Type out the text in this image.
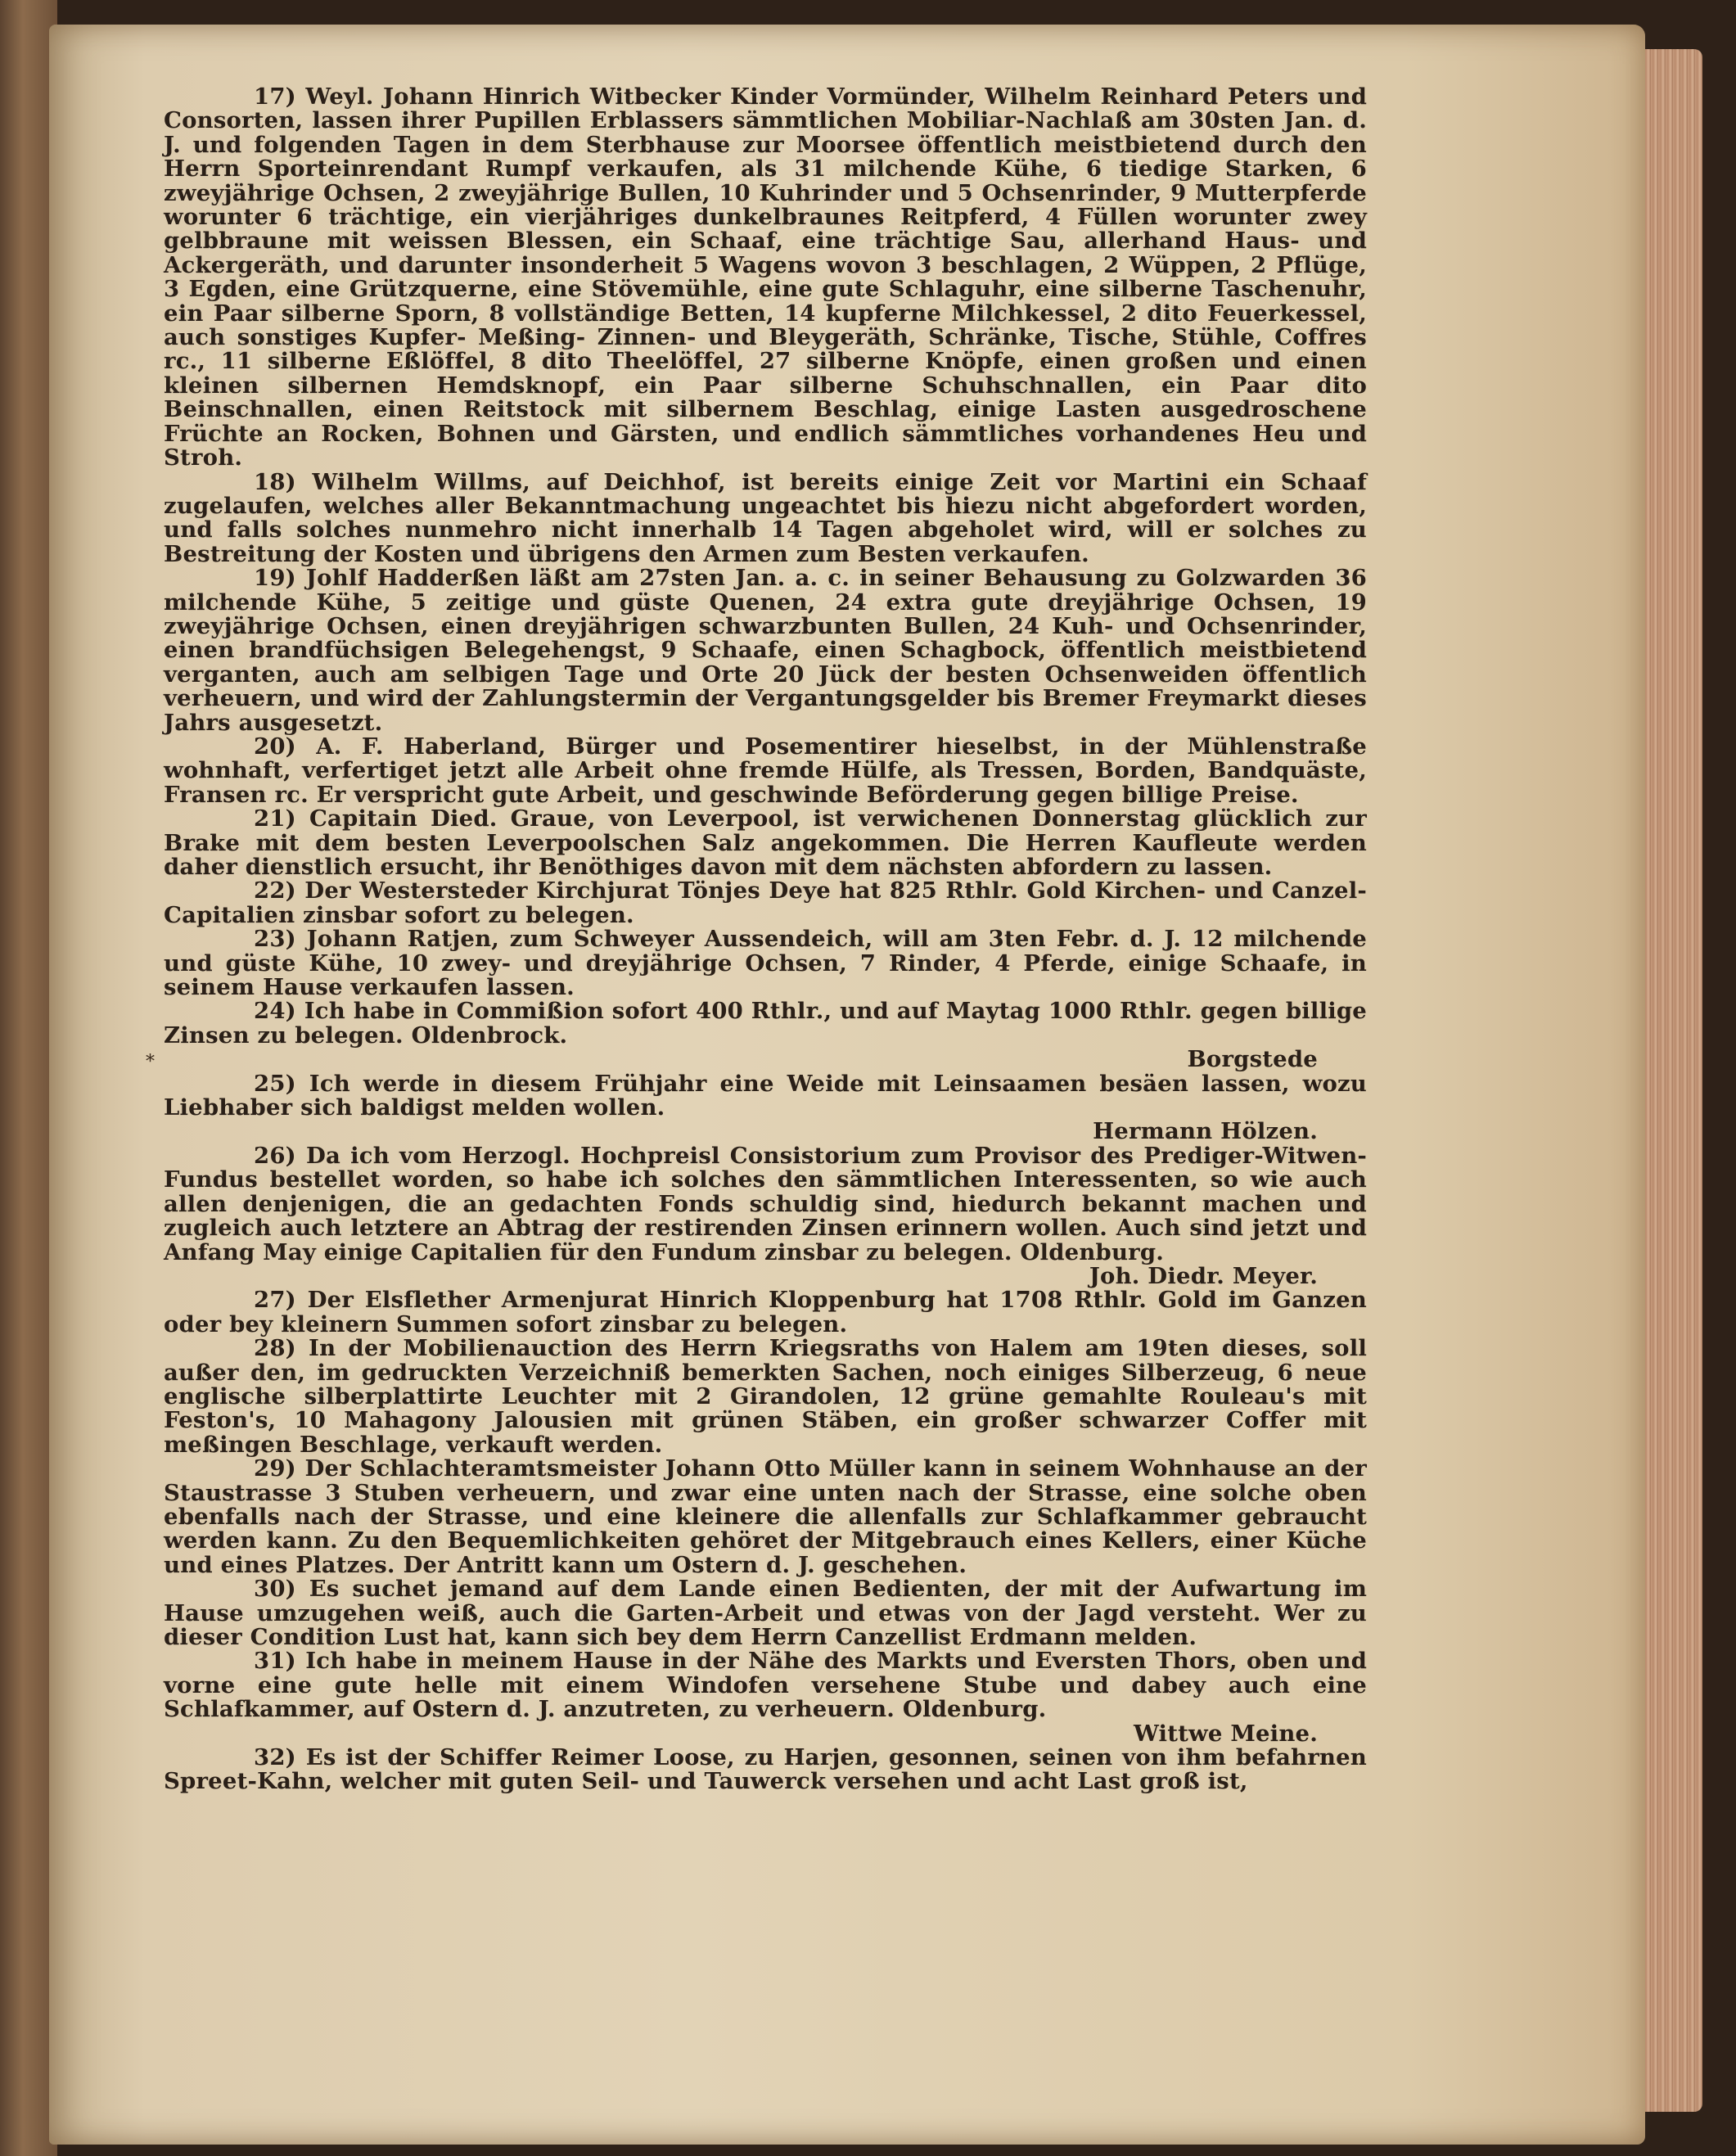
*

17) Weyl. Johann Hinrich Witbecker Kinder Vormünder, Wilhelm Reinhard Peters und Consorten, lassen ihrer Pupillen Erblassers sämmtlichen Mobiliar-Nachlaß am 30sten Jan. d. J. und folgenden Tagen in dem Sterbhause zur Moorsee öffentlich meistbietend durch den Herrn Sporteinrendant Rumpf verkaufen, als 31 milchende Kühe, 6 tiedige Starken, 6 zweyjährige Ochsen, 2 zweyjährige Bullen, 10 Kuhrinder und 5 Ochsenrinder, 9 Mutterpferde worunter 6 trächtige, ein vierjähriges dunkelbraunes Reitpferd, 4 Füllen worunter zwey gelbbraune mit weissen Blessen, ein Schaaf, eine trächtige Sau, allerhand Haus- und Ackergeräth, und darunter insonderheit 5 Wagens wovon 3 beschlagen, 2 Wüppen, 2 Pflüge, 3 Egden, eine Grützquerne, eine Stövemühle, eine gute Schlaguhr, eine silberne Taschenuhr, ein Paar silberne Sporn, 8 vollständige Betten, 14 kupferne Milchkessel, 2 dito Feuerkessel, auch sonstiges Kupfer- Meßing- Zinnen- und Bleygeräth, Schränke, Tische, Stühle, Coffres rc., 11 silberne Eßlöffel, 8 dito Theelöffel, 27 silberne Knöpfe, einen großen und einen kleinen silbernen Hemdsknopf, ein Paar silberne Schuhschnallen, ein Paar dito Beinschnallen, einen Reitstock mit silbernem Beschlag, einige Lasten ausgedroschene Früchte an Rocken, Bohnen und Gärsten, und endlich sämmtliches vorhandenes Heu und Stroh.

18) Wilhelm Willms, auf Deichhof, ist bereits einige Zeit vor Martini ein Schaaf zugelaufen, welches aller Bekanntmachung ungeachtet bis hiezu nicht abgefordert worden, und falls solches nunmehro nicht innerhalb 14 Tagen abgeholet wird, will er solches zu Bestreitung der Kosten und übrigens den Armen zum Besten verkaufen.

19) Johlf Hadderßen läßt am 27sten Jan. a. c. in seiner Behausung zu Golzwarden 36 milchende Kühe, 5 zeitige und güste Quenen, 24 extra gute dreyjährige Ochsen, 19 zweyjährige Ochsen, einen dreyjährigen schwarzbunten Bullen, 24 Kuh- und Ochsenrinder, einen brandfüchsigen Belegehengst, 9 Schaafe, einen Schagbock, öffentlich meistbietend verganten, auch am selbigen Tage und Orte 20 Jück der besten Ochsenweiden öffentlich verheuern, und wird der Zahlungstermin der Vergantungsgelder bis Bremer Freymarkt dieses Jahrs ausgesetzt.

20) A. F. Haberland, Bürger und Posementirer hieselbst, in der Mühlenstraße wohnhaft, verfertiget jetzt alle Arbeit ohne fremde Hülfe, als Tressen, Borden, Bandquäste, Fransen rc. Er verspricht gute Arbeit, und geschwinde Beförderung gegen billige Preise.

21) Capitain Died. Graue, von Leverpool, ist verwichenen Donnerstag glücklich zur Brake mit dem besten Leverpoolschen Salz angekommen. Die Herren Kaufleute werden daher dienstlich ersucht, ihr Benöthiges davon mit dem nächsten abfordern zu lassen.

22) Der Westersteder Kirchjurat Tönjes Deye hat 825 Rthlr. Gold Kirchen- und Canzel-Capitalien zinsbar sofort zu belegen.

23) Johann Ratjen, zum Schweyer Aussendeich, will am 3ten Febr. d. J. 12 milchende und güste Kühe, 10 zwey- und dreyjährige Ochsen, 7 Rinder, 4 Pferde, einige Schaafe, in seinem Hause verkaufen lassen.

24) Ich habe in Commißion sofort 400 Rthlr., und auf Maytag 1000 Rthlr. gegen billige Zinsen zu belegen. Oldenbrock.
Borgstede

25) Ich werde in diesem Frühjahr eine Weide mit Leinsaamen besäen lassen, wozu Liebhaber sich baldigst melden wollen.
Hermann Hölzen.

26) Da ich vom Herzogl. Hochpreisl Consistorium zum Provisor des Prediger-Witwen-Fundus bestellet worden, so habe ich solches den sämmtlichen Interessenten, so wie auch allen denjenigen, die an gedachten Fonds schuldig sind, hiedurch bekannt machen und zugleich auch letztere an Abtrag der restirenden Zinsen erinnern wollen. Auch sind jetzt und Anfang May einige Capitalien für den Fundum zinsbar zu belegen. Oldenburg.
Joh. Diedr. Meyer.

27) Der Elsflether Armenjurat Hinrich Kloppenburg hat 1708 Rthlr. Gold im Ganzen oder bey kleinern Summen sofort zinsbar zu belegen.

28) In der Mobilienauction des Herrn Kriegsraths von Halem am 19ten dieses, soll außer den, im gedruckten Verzeichniß bemerkten Sachen, noch einiges Silberzeug, 6 neue englische silberplattirte Leuchter mit 2 Girandolen, 12 grüne gemahlte Rouleau's mit Feston's, 10 Mahagony Jalousien mit grünen Stäben, ein großer schwarzer Coffer mit meßingen Beschlage, verkauft werden.

29) Der Schlachteramtsmeister Johann Otto Müller kann in seinem Wohnhause an der Staustrasse 3 Stuben verheuern, und zwar eine unten nach der Strasse, eine solche oben ebenfalls nach der Strasse, und eine kleinere die allenfalls zur Schlafkammer gebraucht werden kann. Zu den Bequemlichkeiten gehöret der Mitgebrauch eines Kellers, einer Küche und eines Platzes. Der Antritt kann um Ostern d. J. geschehen.

30) Es suchet jemand auf dem Lande einen Bedienten, der mit der Aufwartung im Hause umzugehen weiß, auch die Garten-Arbeit und etwas von der Jagd versteht. Wer zu dieser Condition Lust hat, kann sich bey dem Herrn Canzellist Erdmann melden.

31) Ich habe in meinem Hause in der Nähe des Markts und Eversten Thors, oben und vorne eine gute helle mit einem Windofen versehene Stube und dabey auch eine Schlafkammer, auf Ostern d. J. anzutreten, zu verheuern. Oldenburg.
Wittwe Meine.

32) Es ist der Schiffer Reimer Loose, zu Harjen, gesonnen, seinen von ihm befahrnen Spreet-Kahn, welcher mit guten Seil- und Tauwerck versehen und acht Last groß ist,
